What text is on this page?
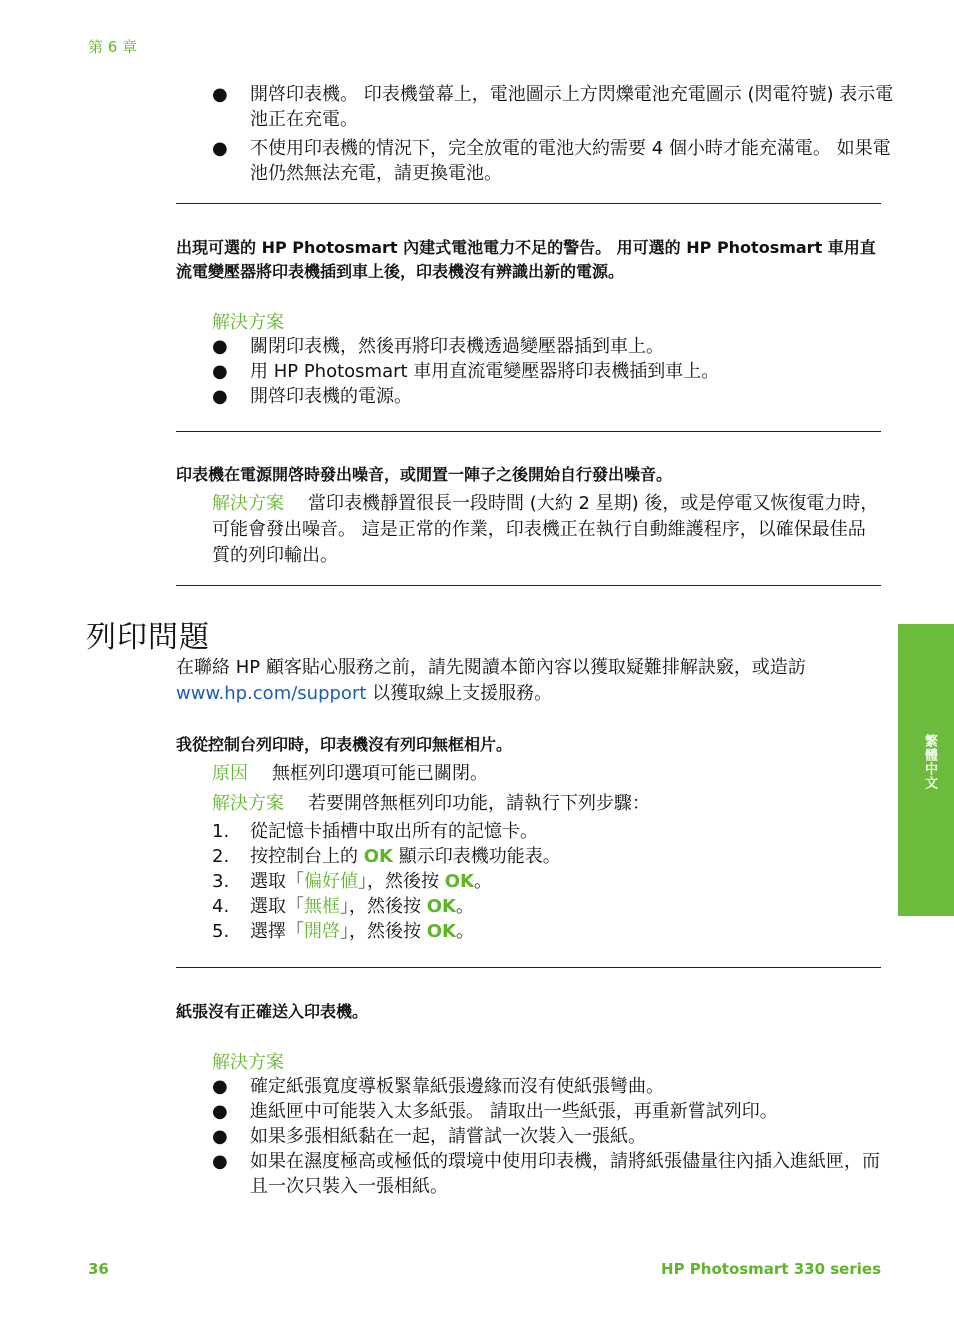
第 6 章
● 開啓印表機。 印表機螢幕上，電池圖示上方閃爍電池充電圖示 (閃電符號) 表示電池正在充電。
● 不使用印表機的情況下，完全放電的電池大約需要 4 個小時才能充滿電。 如果電池仍然無法充電，請更換電池。
出現可選的 HP Photosmart 內建式電池電力不足的警告。 用可選的 HP Photosmart 車用直流電變壓器將印表機插到車上後，印表機沒有辨識出新的電源。
解決方案
● 關閉印表機，然後再將印表機透過變壓器插到車上。
● 用 HP Photosmart 車用直流電變壓器將印表機插到車上。
● 開啓印表機的電源。
印表機在電源開啓時發出噪音，或閒置一陣子之後開始自行發出噪音。
解決方案 當印表機靜置很長一段時間 (大約 2 星期) 後，或是停電又恢復電力時，可能會發出噪音。 這是正常的作業，印表機正在執行自動維護程序，以確保最佳品質的列印輸出。
列印問題
在聯絡 HP 顧客貼心服務之前，請先閱讀本節內容以獲取疑難排解訣竅，或造訪 www.hp.com/support 以獲取線上支援服務。
我從控制台列印時，印表機沒有列印無框相片。
原因 無框列印選項可能已關閉。
解決方案 若要開啓無框列印功能，請執行下列步驟：
1. 從記憶卡插槽中取出所有的記憶卡。
2. 按控制台上的 OK 顯示印表機功能表。
3. 選取「偏好値」，然後按 OK。
4. 選取「無框」，然後按 OK。
5. 選擇「開啓」，然後按 OK。
紙張沒有正確送入印表機。
解決方案
● 確定紙張寬度導板緊靠紙張邊緣而沒有使紙張彎曲。
● 進紙匣中可能裝入太多紙張。 請取出一些紙張，再重新嘗試列印。
● 如果多張相紙黏在一起，請嘗試一次裝入一張紙。
● 如果在濕度極高或極低的環境中使用印表機，請將紙張儘量往內插入進紙匣，而且一次只裝入一張相紙。
繁體中文
36	HP Photosmart 330 series
